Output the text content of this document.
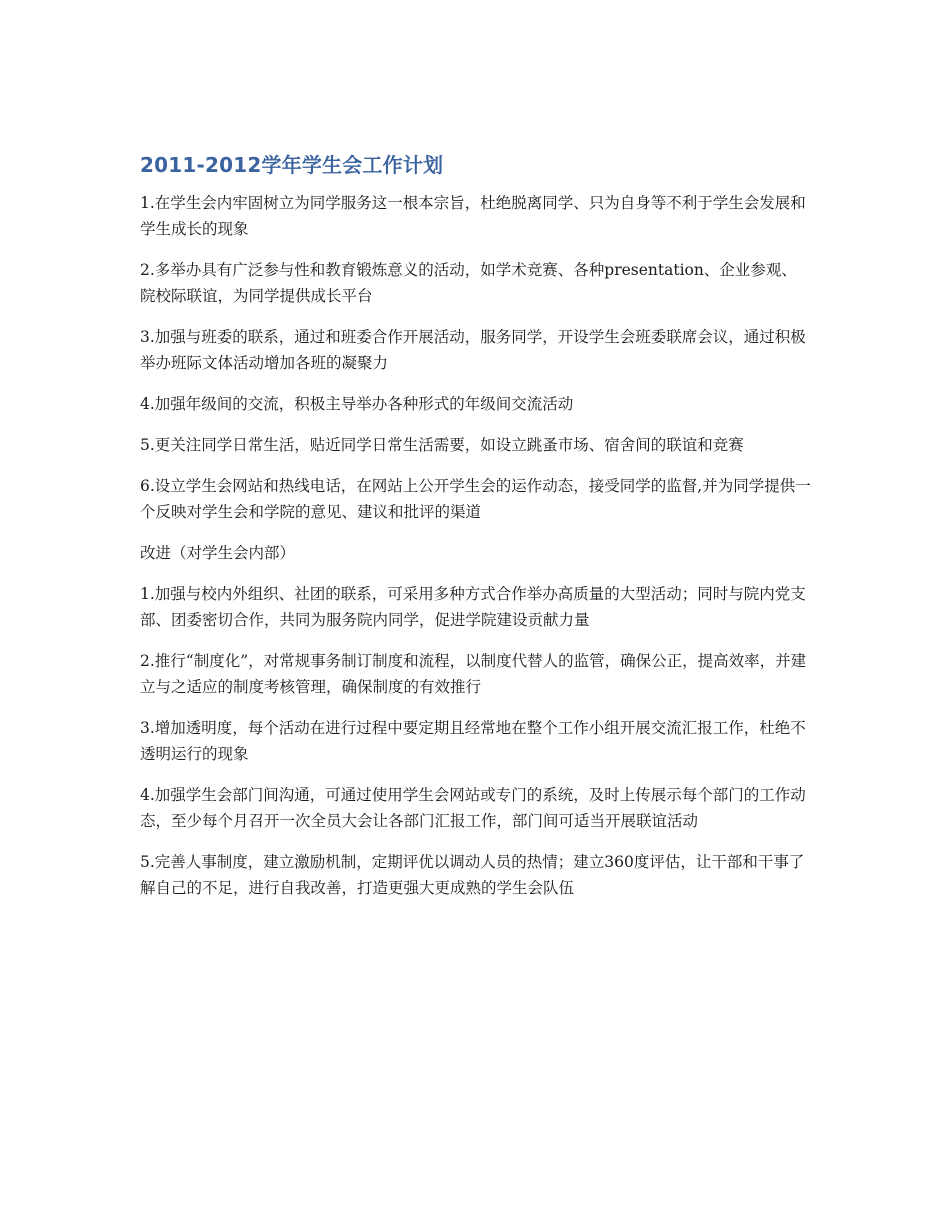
2011-2012学年学生会工作计划

1.在学生会内牢固树立为同学服务这一根本宗旨，杜绝脱离同学、只为自身等不利于学生会发展和学生成长的现象

2.多举办具有广泛参与性和教育锻炼意义的活动，如学术竞赛、各种presentation、企业参观、院校际联谊，为同学提供成长平台

3.加强与班委的联系，通过和班委合作开展活动，服务同学，开设学生会班委联席会议，通过积极举办班际文体活动增加各班的凝聚力

4.加强年级间的交流，积极主导举办各种形式的年级间交流活动

5.更关注同学日常生活，贴近同学日常生活需要，如设立跳蚤市场、宿舍间的联谊和竞赛

6.设立学生会网站和热线电话，在网站上公开学生会的运作动态，接受同学的监督,并为同学提供一个反映对学生会和学院的意见、建议和批评的渠道

改进（对学生会内部）

1.加强与校内外组织、社团的联系，可采用多种方式合作举办高质量的大型活动；同时与院内党支部、团委密切合作，共同为服务院内同学，促进学院建设贡献力量

2.推行“制度化”，对常规事务制订制度和流程，以制度代替人的监管，确保公正，提高效率，并建立与之适应的制度考核管理，确保制度的有效推行

3.增加透明度，每个活动在进行过程中要定期且经常地在整个工作小组开展交流汇报工作，杜绝不透明运行的现象

4.加强学生会部门间沟通，可通过使用学生会网站或专门的系统，及时上传展示每个部门的工作动态，至少每个月召开一次全员大会让各部门汇报工作，部门间可适当开展联谊活动

5.完善人事制度，建立激励机制，定期评优以调动人员的热情；建立360度评估，让干部和干事了解自己的不足，进行自我改善，打造更强大更成熟的学生会队伍
